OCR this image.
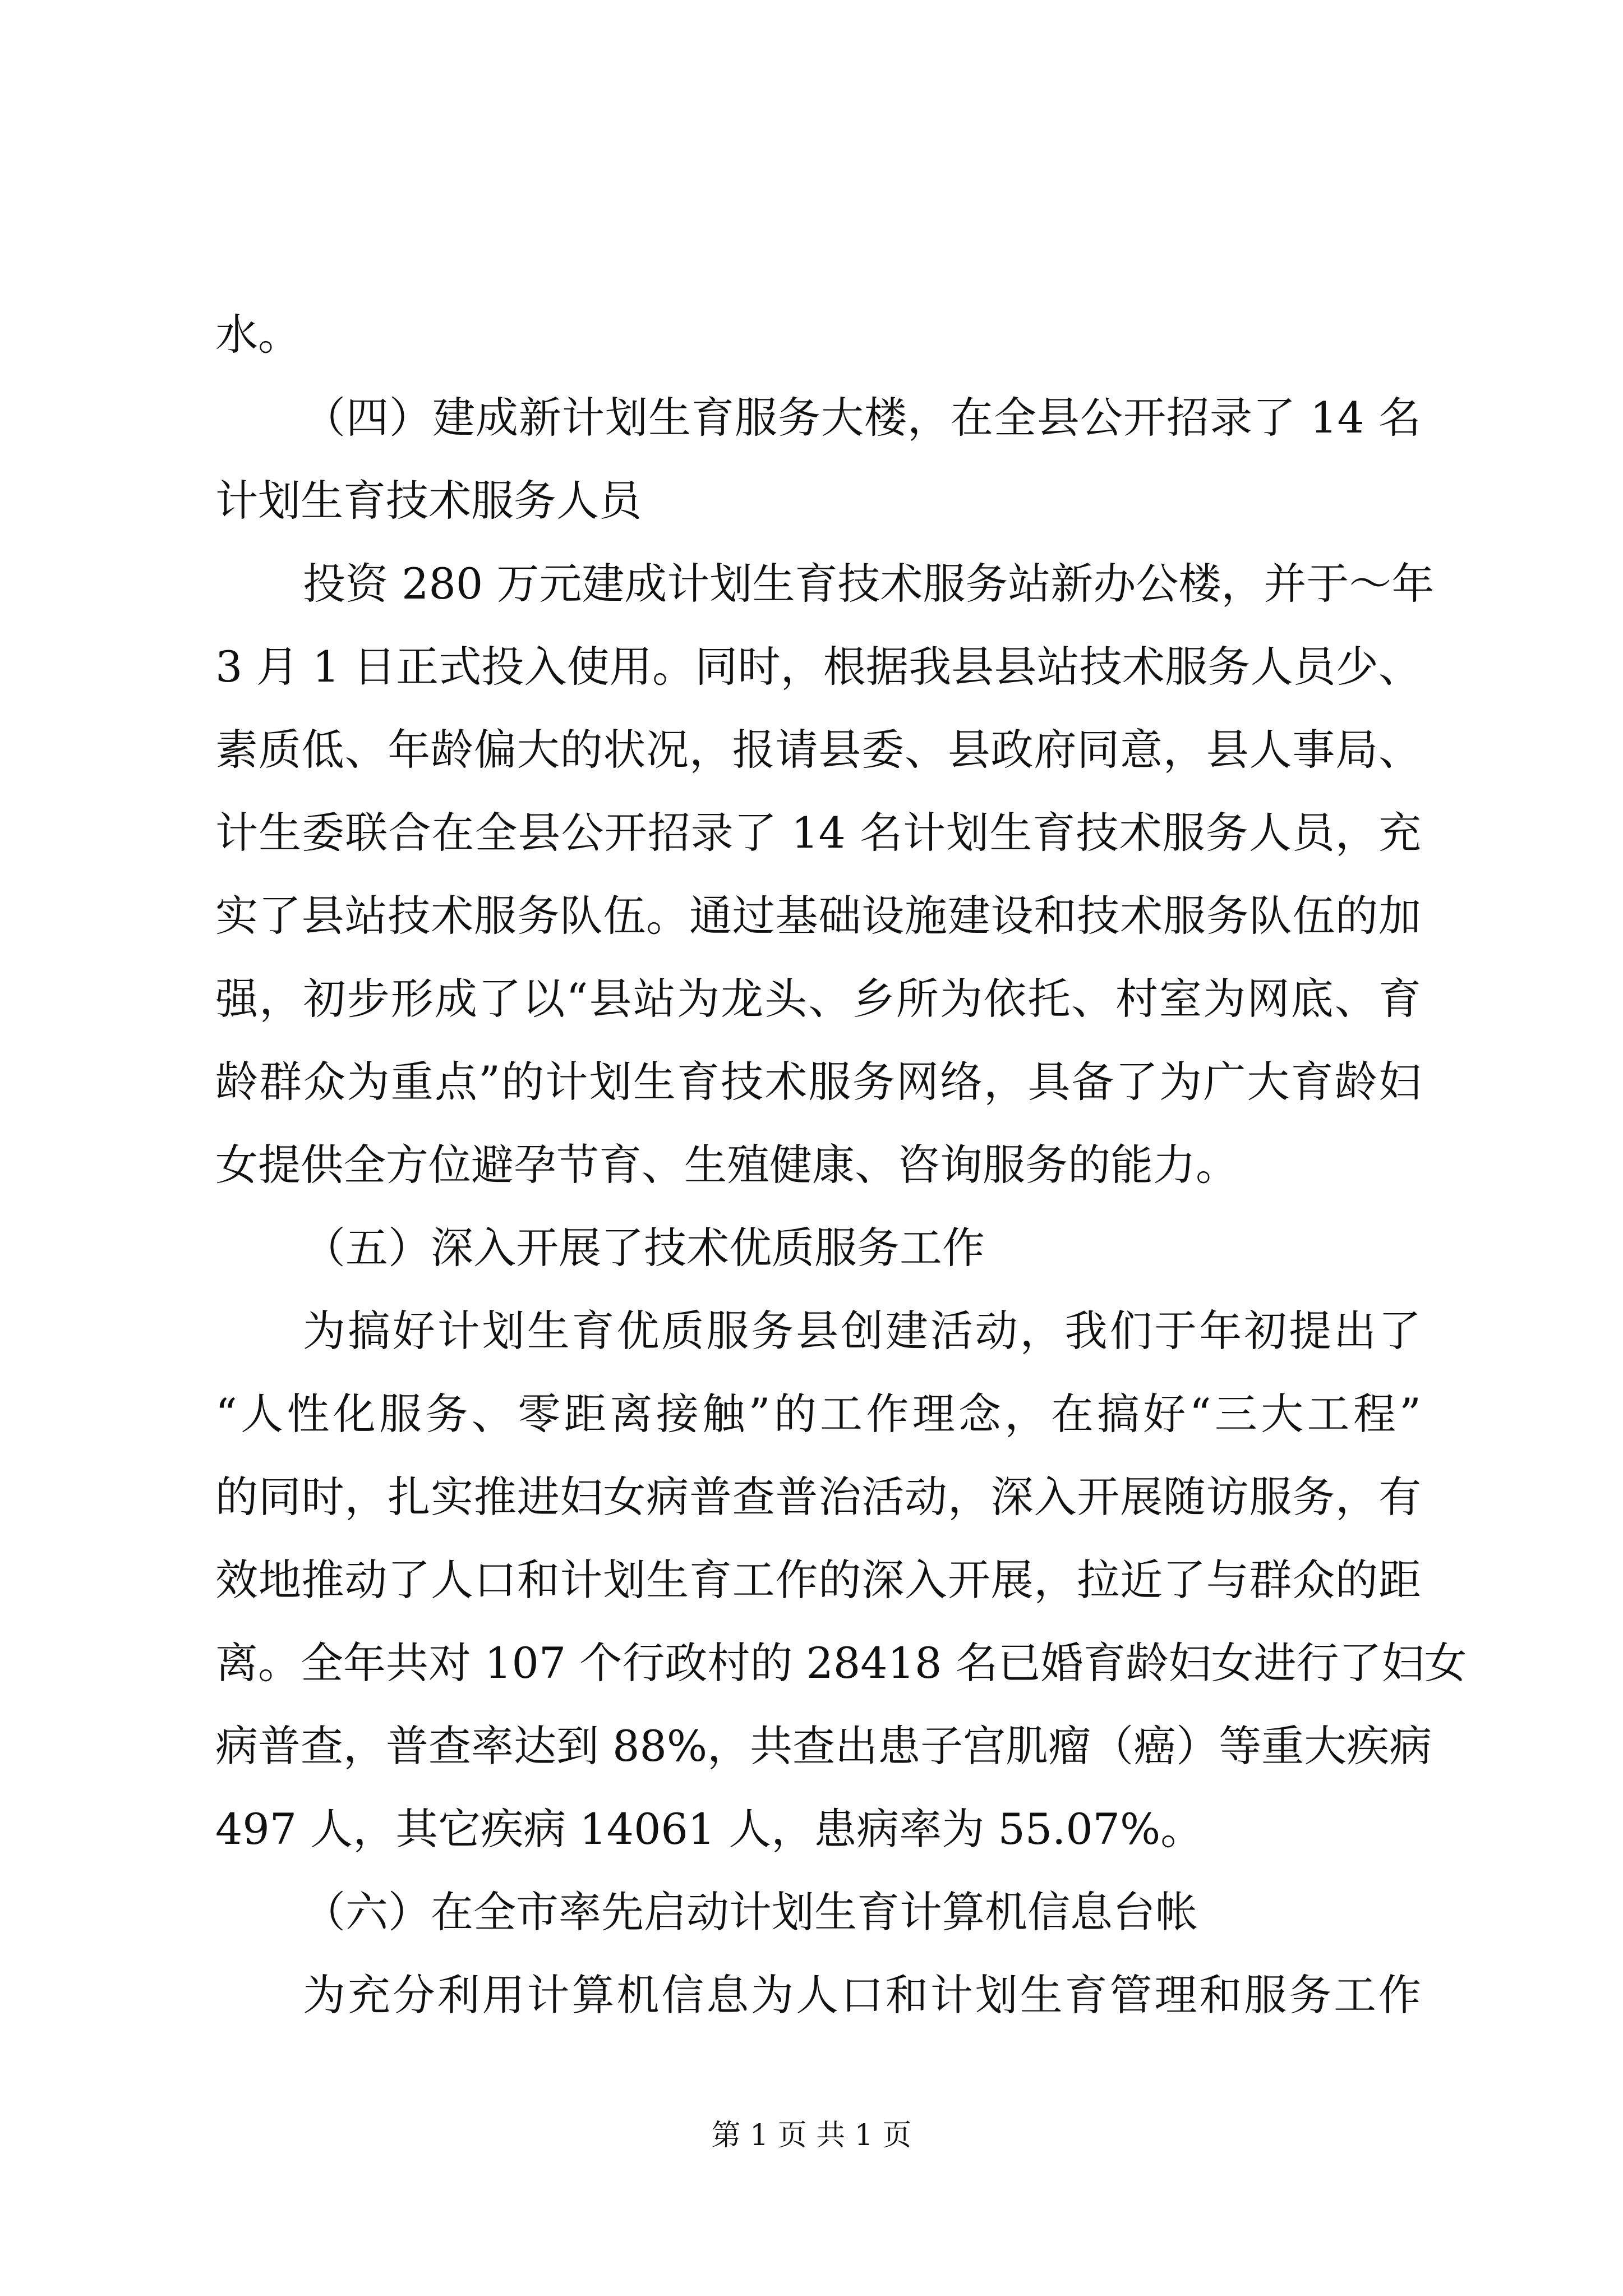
水。
（四）建成新计划生育服务大楼，在全县公开招录了 14 名
计划生育技术服务人员
投资 280 万元建成计划生育技术服务站新办公楼，并于～年
3 月 1 日正式投入使用。同时，根据我县县站技术服务人员少、
素质低、年龄偏大的状况，报请县委、县政府同意，县人事局、
计生委联合在全县公开招录了 14 名计划生育技术服务人员，充
实了县站技术服务队伍。通过基础设施建设和技术服务队伍的加
强，初步形成了以“县站为龙头、乡所为依托、村室为网底、育
龄群众为重点”的计划生育技术服务网络，具备了为广大育龄妇
女提供全方位避孕节育、生殖健康、咨询服务的能力。
（五）深入开展了技术优质服务工作
为搞好计划生育优质服务县创建活动，我们于年初提出了
“人性化服务、零距离接触”的工作理念，在搞好“三大工程”
的同时，扎实推进妇女病普查普治活动，深入开展随访服务，有
效地推动了人口和计划生育工作的深入开展，拉近了与群众的距
离。全年共对 107 个行政村的 28418 名已婚育龄妇女进行了妇女
病普查，普查率达到 88%，共查出患子宫肌瘤（癌）等重大疾病
497 人，其它疾病 14061 人，患病率为 55.07%。
（六）在全市率先启动计划生育计算机信息台帐
为充分利用计算机信息为人口和计划生育管理和服务工作
第 1 页 共 1 页
